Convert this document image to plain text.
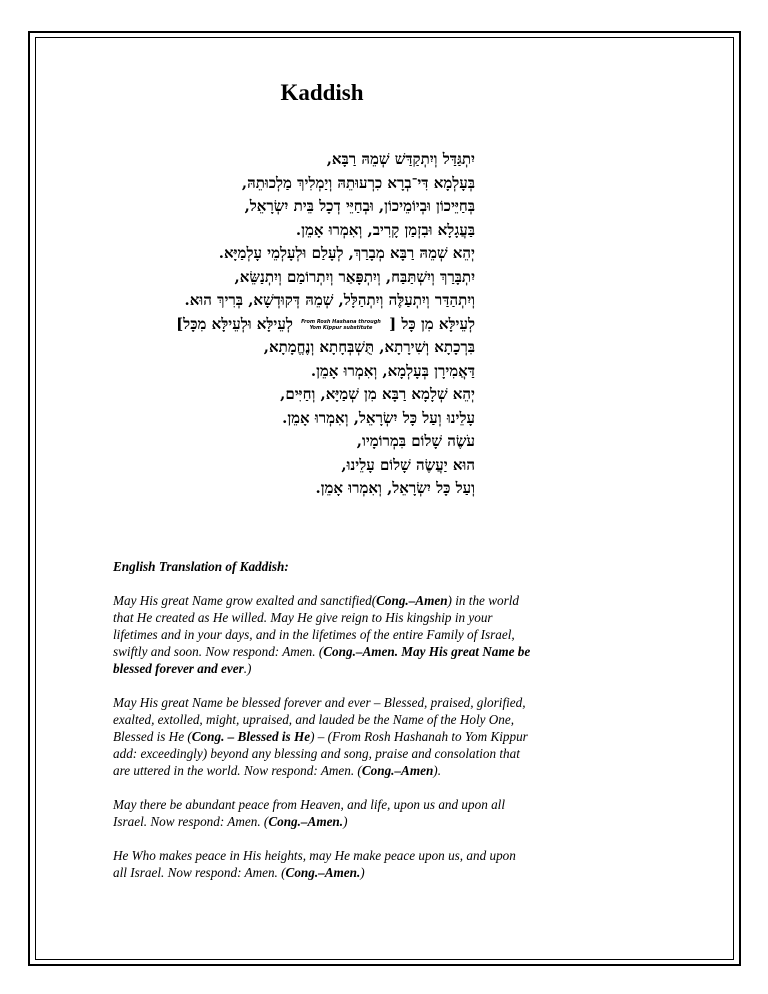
Kaddish
יִתְגַּדַּל וְיִתְקַדַּשׁ שְׁמֵהּ רַבָּא,
בְּעָלְמָא דִּי־בְרָא כִרְעוּתֵהּ וְיַמְלִיךְ מַלְכוּתֵהּ,
בְּחַיֵּיכוֹן וּבְיוֹמֵיכוֹן, וּבְחַיֵּי דְכָל בֵּית יִשְׂרָאֵל,
בַּעֲגָלָא וּבִזְמַן קָרִיב, וְאִמְרוּ אָמֵן.
יְהֵא שְׁמֵהּ רַבָּא מְבָרַךְ, לְעָלַם וּלְעָלְמֵי עָלְמַיָּא.
יִתְבָּרַךְ וְיִשְׁתַּבַּח, וְיִתְפָּאַר וְיִתְרוֹמַם וְיִתְנַשֵּׂא,
וְיִתְהַדַּר וְיִתְעַלֶּה וְיִתְהַלָּל, שְׁמֵהּ דְּקוּדְשָׁא, בְּרִיךְ הוּא.
לְעֵילָּא מִן כָּל [ From Rosh Hashana through
Yom Kippur substitute לְעֵילָּא וּלְעֵילָּא מִכָּל]
בִּרְכָתָא וְשִׁירָתָא, תֻּשְׁבְּחָתָא וְנֶחֱמָתָא,
דַּאֲמִירָן בְּעָלְמָא, וְאִמְרוּ אָמֵן.
יְהֵא שְׁלָמָא רַבָּא מִן שְׁמַיָּא, וְחַיִּים,
עָלֵינוּ וְעַל כָּל יִשְׂרָאֵל, וְאִמְרוּ אָמֵן.
עֹשֶׂה שָׁלוֹם בִּמְרוֹמָיו,
הוּא יַעֲשֶׂה שָׁלוֹם עָלֵינוּ,
וְעַל כָּל יִשְׂרָאֵל, וְאִמְרוּ אָמֵן.
English Translation of Kaddish:

May His great Name grow exalted and sanctified(Cong.–Amen) in the world that He created as He willed. May He give reign to His kingship in your lifetimes and in your days, and in the lifetimes of the entire Family of Israel, swiftly and soon. Now respond: Amen. (Cong.–Amen. May His great Name be blessed forever and ever.)

May His great Name be blessed forever and ever – Blessed, praised, glorified, exalted, extolled, might, upraised, and lauded be the Name of the Holy One, Blessed is He (Cong. – Blessed is He) – (From Rosh Hashanah to Yom Kippur add: exceedingly) beyond any blessing and song, praise and consolation that are uttered in the world. Now respond: Amen. (Cong.–Amen).

May there be abundant peace from Heaven, and life, upon us and upon all Israel. Now respond: Amen. (Cong.–Amen.)

He Who makes peace in His heights, may He make peace upon us, and upon all Israel. Now respond: Amen. (Cong.–Amen.)
